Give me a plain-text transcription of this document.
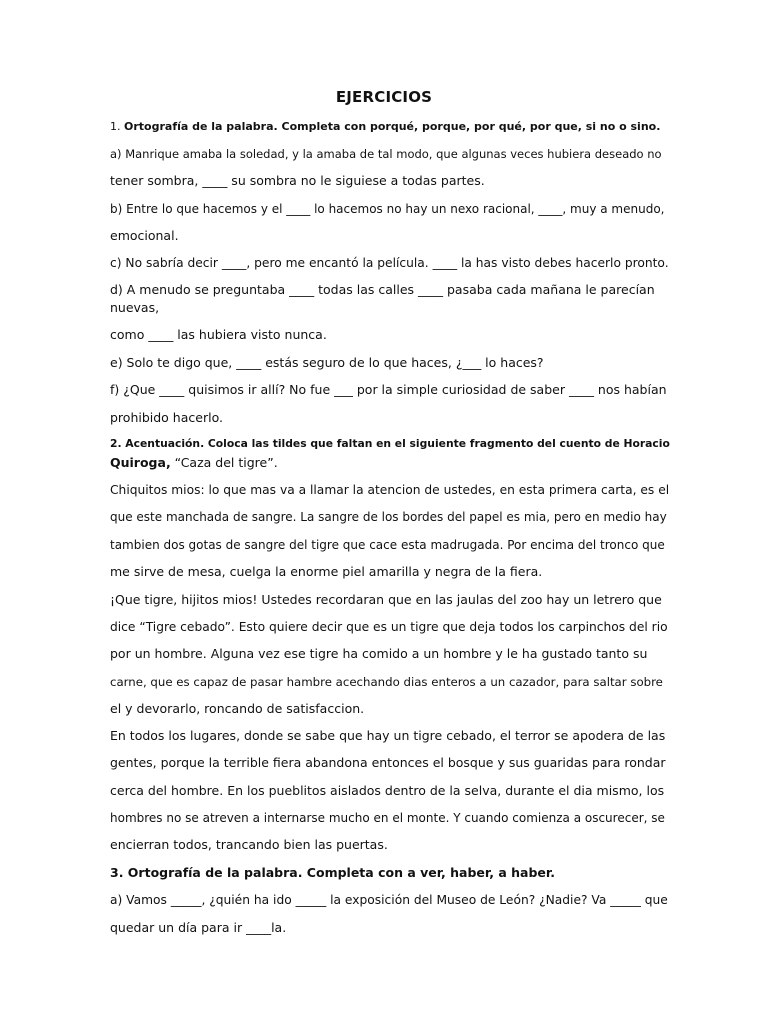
EJERCICIOS
1. Ortografía de la palabra. Completa con porqué, porque, por qué, por que, si no o sino.
a) Manrique amaba la soledad, y la amaba de tal modo, que algunas veces hubiera deseado no
tener sombra, ____ su sombra no le siguiese a todas partes.
b) Entre lo que hacemos y el ____ lo hacemos no hay un nexo racional, ____, muy a menudo,
emocional.
c) No sabría decir ____, pero me encantó la película. ____ la has visto debes hacerlo pronto.
d) A menudo se preguntaba ____ todas las calles ____ pasaba cada mañana le parecían
nuevas,
como ____ las hubiera visto nunca.
e) Solo te digo que, ____ estás seguro de lo que haces, ¿___ lo haces?
f) ¿Que ____ quisimos ir allí? No fue ___ por la simple curiosidad de saber ____ nos habían
prohibido hacerlo.
2. Acentuación. Coloca las tildes que faltan en el siguiente fragmento del cuento de Horacio
Quiroga, “Caza del tigre”.
Chiquitos mios: lo que mas va a llamar la atencion de ustedes, en esta primera carta, es el
que este manchada de sangre. La sangre de los bordes del papel es mia, pero en medio hay
tambien dos gotas de sangre del tigre que cace esta madrugada. Por encima del tronco que
me sirve de mesa, cuelga la enorme piel amarilla y negra de la fiera.
¡Que tigre, hijitos mios! Ustedes recordaran que en las jaulas del zoo hay un letrero que
dice “Tigre cebado”. Esto quiere decir que es un tigre que deja todos los carpinchos del rio
por un hombre. Alguna vez ese tigre ha comido a un hombre y le ha gustado tanto su
carne, que es capaz de pasar hambre acechando dias enteros a un cazador, para saltar sobre
el y devorarlo, roncando de satisfaccion.
En todos los lugares, donde se sabe que hay un tigre cebado, el terror se apodera de las
gentes, porque la terrible fiera abandona entonces el bosque y sus guaridas para rondar
cerca del hombre. En los pueblitos aislados dentro de la selva, durante el dia mismo, los
hombres no se atreven a internarse mucho en el monte. Y cuando comienza a oscurecer, se
encierran todos, trancando bien las puertas.
3. Ortografía de la palabra. Completa con a ver, haber, a haber.
a) Vamos _____, ¿quién ha ido _____ la exposición del Museo de León? ¿Nadie? Va _____ que
quedar un día para ir ____la.
